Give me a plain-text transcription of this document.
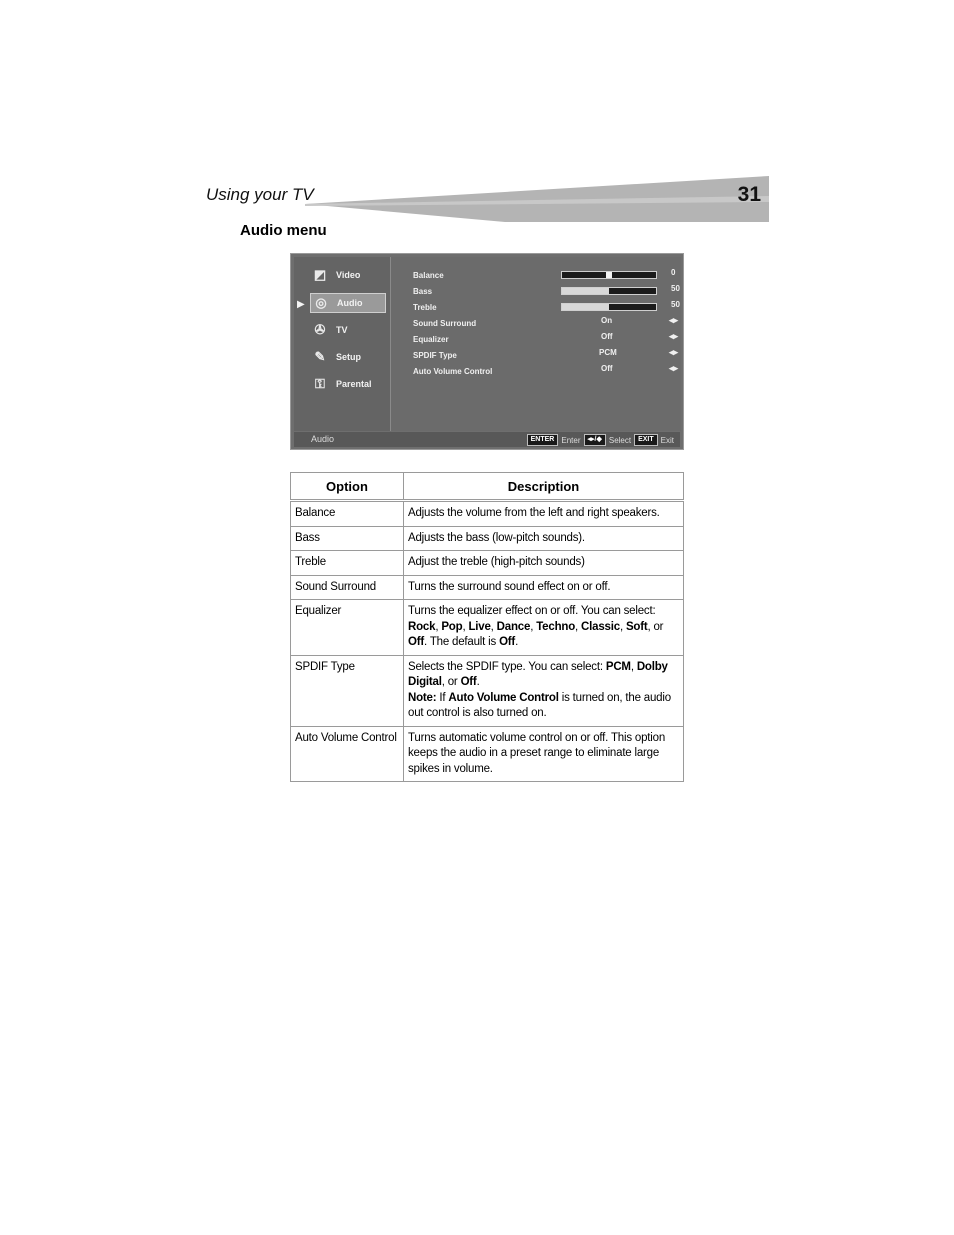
Using your TV	31
Audio menu
▶
◩	Video
◎	Audio
✇	TV
✎	Setup
⚿	Parental
Balance	0
Bass	50
Treble	50
Sound Surround	On	◂▸
Equalizer	Off	◂▸
SPDIF Type	PCM	◂▸
Auto Volume Control	Off	◂▸
Audio	ENTER Enter	◂▸/◆ Select	EXIT Exit
Option	Description
Balance	Adjusts the volume from the left and right speakers.
Bass	Adjusts the bass (low-pitch sounds).
Treble	Adjust the treble (high-pitch sounds)
Sound Surround	Turns the surround sound effect on or off.
Equalizer	Turns the equalizer effect on or off. You can select: Rock, Pop, Live, Dance, Techno, Classic, Soft, or Off. The default is Off.
SPDIF Type	Selects the SPDIF type. You can select: PCM, Dolby Digital, or Off.
Note: If Auto Volume Control is turned on, the audio out control is also turned on.
Auto Volume Control	Turns automatic volume control on or off. This option keeps the audio in a preset range to eliminate large spikes in volume.
